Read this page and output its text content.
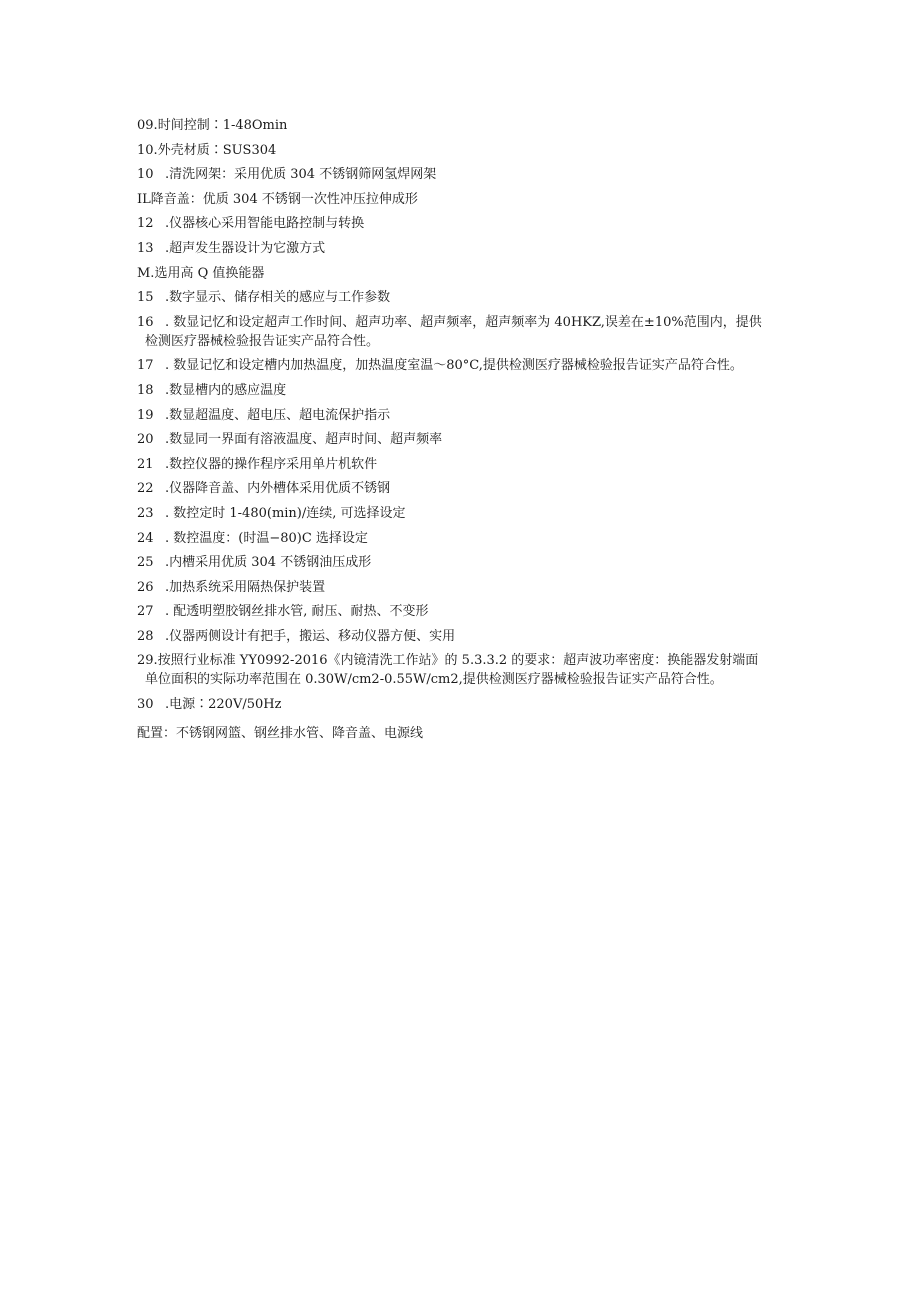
09. 时间控制∶1-48Omin
10. 外壳材质∶SUS304
10 .清洗网架：采用优质 304 不锈钢筛网氢焊网架
IL 降音盖：优质 304 不锈钢一次性冲压拉伸成形
12 .仪器核心采用智能电路控制与转换
13 .超声发生器设计为它激方式
M. 选用高 Q 值换能器
15 .数字显示、储存相关的感应与工作参数
16 . 数显记忆和设定超声工作时间、超声功率、超声频率，超声频率为 40HKZ,误差在±10%范围内，提供
检测医疗器械检验报告证实产品符合性。
17 . 数显记忆和设定槽内加热温度，加热温度室温～80°C,提供检测医疗器械检验报告证实产品符合性。
18 .数显槽内的感应温度
19 .数显超温度、超电压、超电流保护指示
20 .数显同一界面有溶液温度、超声时间、超声频率
21 .数控仪器的操作程序采用单片机软件
22 .仪器降音盖、内外槽体采用优质不锈钢
23 . 数控定时 1-480(min)/连续, 可选择设定
24 . 数控温度：(时温−80)C 选择设定
25 .内槽采用优质 304 不锈钢油压成形
26 .加热系统采用隔热保护装置
27 . 配透明塑胶钢丝排水管, 耐压、耐热、不变形
28 .仪器两侧设计有把手，搬运、移动仪器方便、实用
29 .按照行业标准 YY0992-2016《内镜清洗工作站》的 5.3.3.2 的要求：超声波功率密度：换能器发射端面
单位面积的实际功率范围在 0.30W/cm2-0.55W/cm2,提供检测医疗器械检验报告证实产品符合性。
30 .电源∶220V/50Hz
配置：不锈钢网篮、钢丝排水管、降音盖、电源线
